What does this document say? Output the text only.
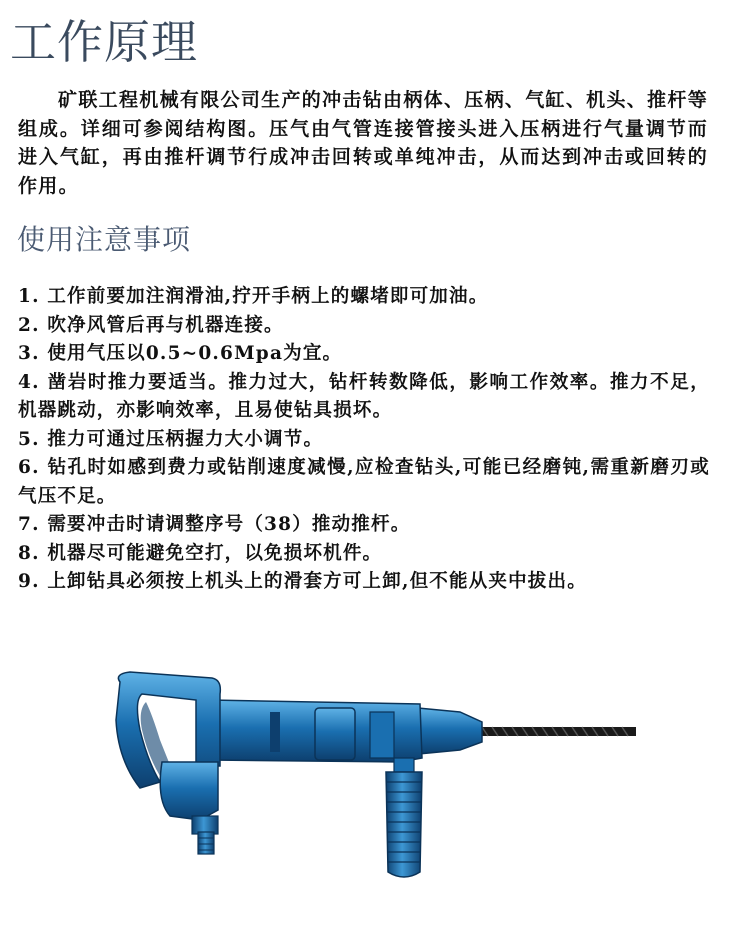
工作原理

矿联工程机械有限公司生产的冲击钻由柄体、压柄、气缸、机头、推杆等组成。详细可参阅结构图。压气由气管连接管接头进入压柄进行气量调节而进入气缸，再由推杆调节行成冲击回转或单纯冲击，从而达到冲击或回转的作用。

使用注意事项
1. 工作前要加注润滑油,拧开手柄上的螺堵即可加油。
2. 吹净风管后再与机器连接。
3. 使用气压以0.5~0.6Mpa为宜。
4. 凿岩时推力要适当。推力过大，钻杆转数降低，影响工作效率。推力不足，机器跳动，亦影响效率，且易使钻具损坏。
5. 推力可通过压柄握力大小调节。
6. 钻孔时如感到费力或钻削速度减慢,应检查钻头,可能已经磨钝,需重新磨刃或气压不足。
7. 需要冲击时请调整序号（38）推动推杆。
8. 机器尽可能避免空打，以免损坏机件。
9. 上卸钻具必须按上机头上的滑套方可上卸,但不能从夹中拔出。
